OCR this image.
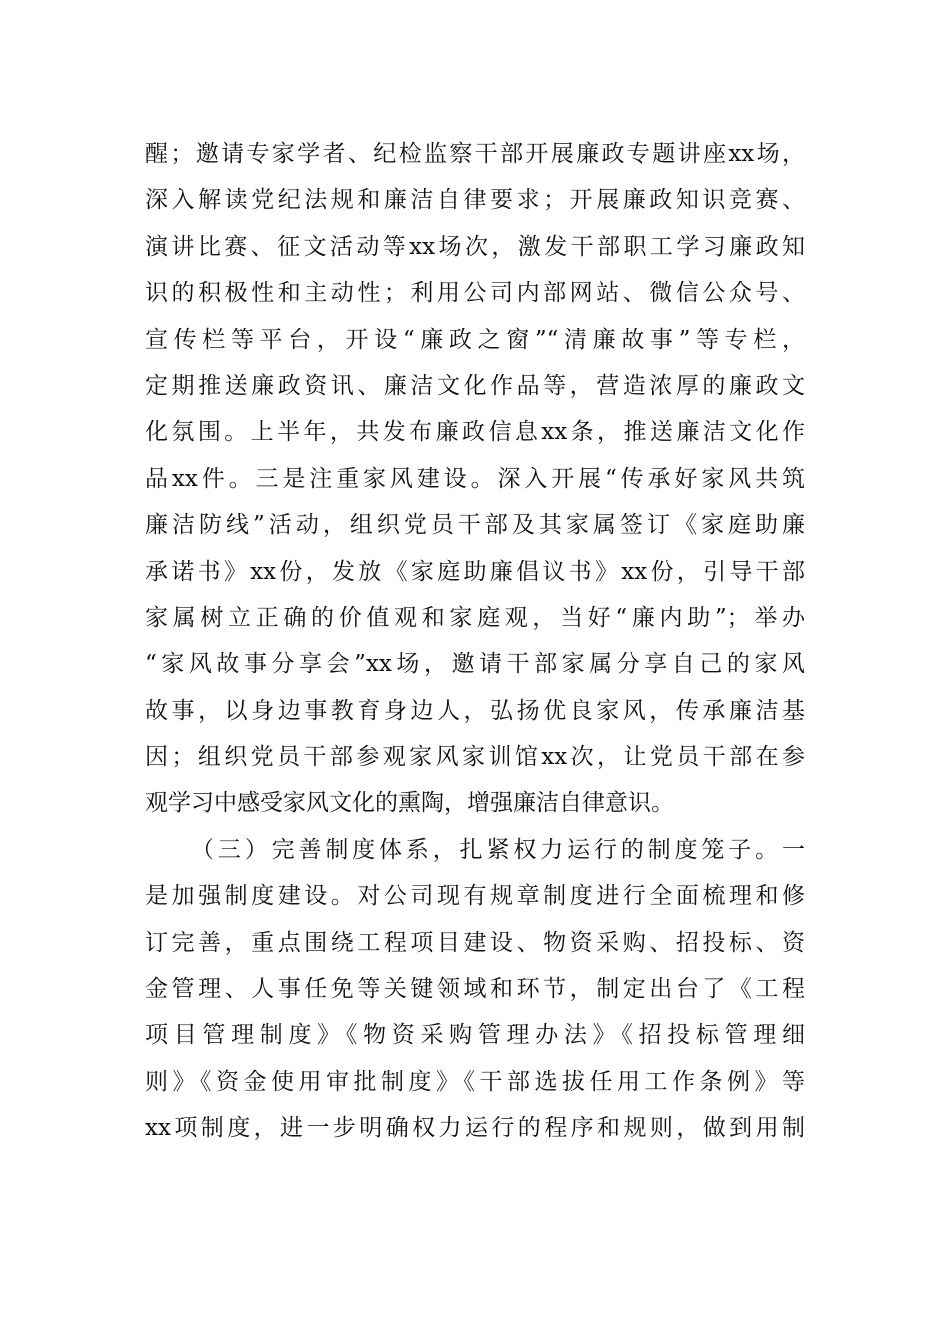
醒；邀请专家学者、纪检监察干部开展廉政专题讲座xx场，
深入解读党纪法规和廉洁自律要求；开展廉政知识竞赛、
演讲比赛、征文活动等xx场次，激发干部职工学习廉政知
识的积极性和主动性；利用公司内部网站、微信公众号、
宣传栏等平台，开设“廉政之窗”“清廉故事”等专栏，
定期推送廉政资讯、廉洁文化作品等，营造浓厚的廉政文
化氛围。上半年，共发布廉政信息xx条，推送廉洁文化作
品xx件。三是注重家风建设。深入开展“传承好家风共筑
廉洁防线”活动，组织党员干部及其家属签订《家庭助廉
承诺书》xx份，发放《家庭助廉倡议书》xx份，引导干部
家属树立正确的价值观和家庭观，当好“廉内助”；举办
“家风故事分享会”xx场，邀请干部家属分享自己的家风
故事，以身边事教育身边人，弘扬优良家风，传承廉洁基
因；组织党员干部参观家风家训馆xx次，让党员干部在参
观学习中感受家风文化的熏陶，增强廉洁自律意识。
（三）完善制度体系，扎紧权力运行的制度笼子。一
是加强制度建设。对公司现有规章制度进行全面梳理和修
订完善，重点围绕工程项目建设、物资采购、招投标、资
金管理、人事任免等关键领域和环节，制定出台了《工程
项目管理制度》《物资采购管理办法》《招投标管理细
则》《资金使用审批制度》《干部选拔任用工作条例》等
xx项制度，进一步明确权力运行的程序和规则，做到用制
